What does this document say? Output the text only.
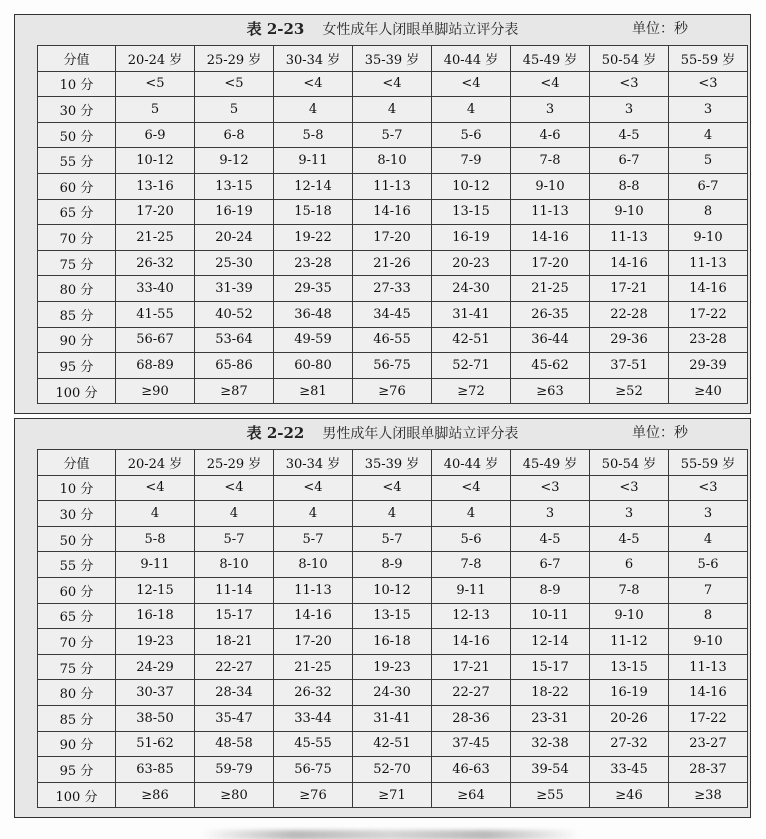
表 2-23 女性成年人闭眼单脚站立评分表	单位：秒
分值	20-24 岁	25-29 岁	30-34 岁	35-39 岁	40-44 岁	45-49 岁	50-54 岁	55-59 岁
10 分	<5	<5	<4	<4	<4	<4	<3	<3
30 分	5	5	4	4	4	3	3	3
50 分	6-9	6-8	5-8	5-7	5-6	4-6	4-5	4
55 分	10-12	9-12	9-11	8-10	7-9	7-8	6-7	5
60 分	13-16	13-15	12-14	11-13	10-12	9-10	8-8	6-7
65 分	17-20	16-19	15-18	14-16	13-15	11-13	9-10	8
70 分	21-25	20-24	19-22	17-20	16-19	14-16	11-13	9-10
75 分	26-32	25-30	23-28	21-26	20-23	17-20	14-16	11-13
80 分	33-40	31-39	29-35	27-33	24-30	21-25	17-21	14-16
85 分	41-55	40-52	36-48	34-45	31-41	26-35	22-28	17-22
90 分	56-67	53-64	49-59	46-55	42-51	36-44	29-36	23-28
95 分	68-89	65-86	60-80	56-75	52-71	45-62	37-51	29-39
100 分	≥90	≥87	≥81	≥76	≥72	≥63	≥52	≥40
表 2-22 男性成年人闭眼单脚站立评分表	单位：秒
分值	20-24 岁	25-29 岁	30-34 岁	35-39 岁	40-44 岁	45-49 岁	50-54 岁	55-59 岁
10 分	<4	<4	<4	<4	<4	<3	<3	<3
30 分	4	4	4	4	4	3	3	3
50 分	5-8	5-7	5-7	5-7	5-6	4-5	4-5	4
55 分	9-11	8-10	8-10	8-9	7-8	6-7	6	5-6
60 分	12-15	11-14	11-13	10-12	9-11	8-9	7-8	7
65 分	16-18	15-17	14-16	13-15	12-13	10-11	9-10	8
70 分	19-23	18-21	17-20	16-18	14-16	12-14	11-12	9-10
75 分	24-29	22-27	21-25	19-23	17-21	15-17	13-15	11-13
80 分	30-37	28-34	26-32	24-30	22-27	18-22	16-19	14-16
85 分	38-50	35-47	33-44	31-41	28-36	23-31	20-26	17-22
90 分	51-62	48-58	45-55	42-51	37-45	32-38	27-32	23-27
95 分	63-85	59-79	56-75	52-70	46-63	39-54	33-45	28-37
100 分	≥86	≥80	≥76	≥71	≥64	≥55	≥46	≥38
